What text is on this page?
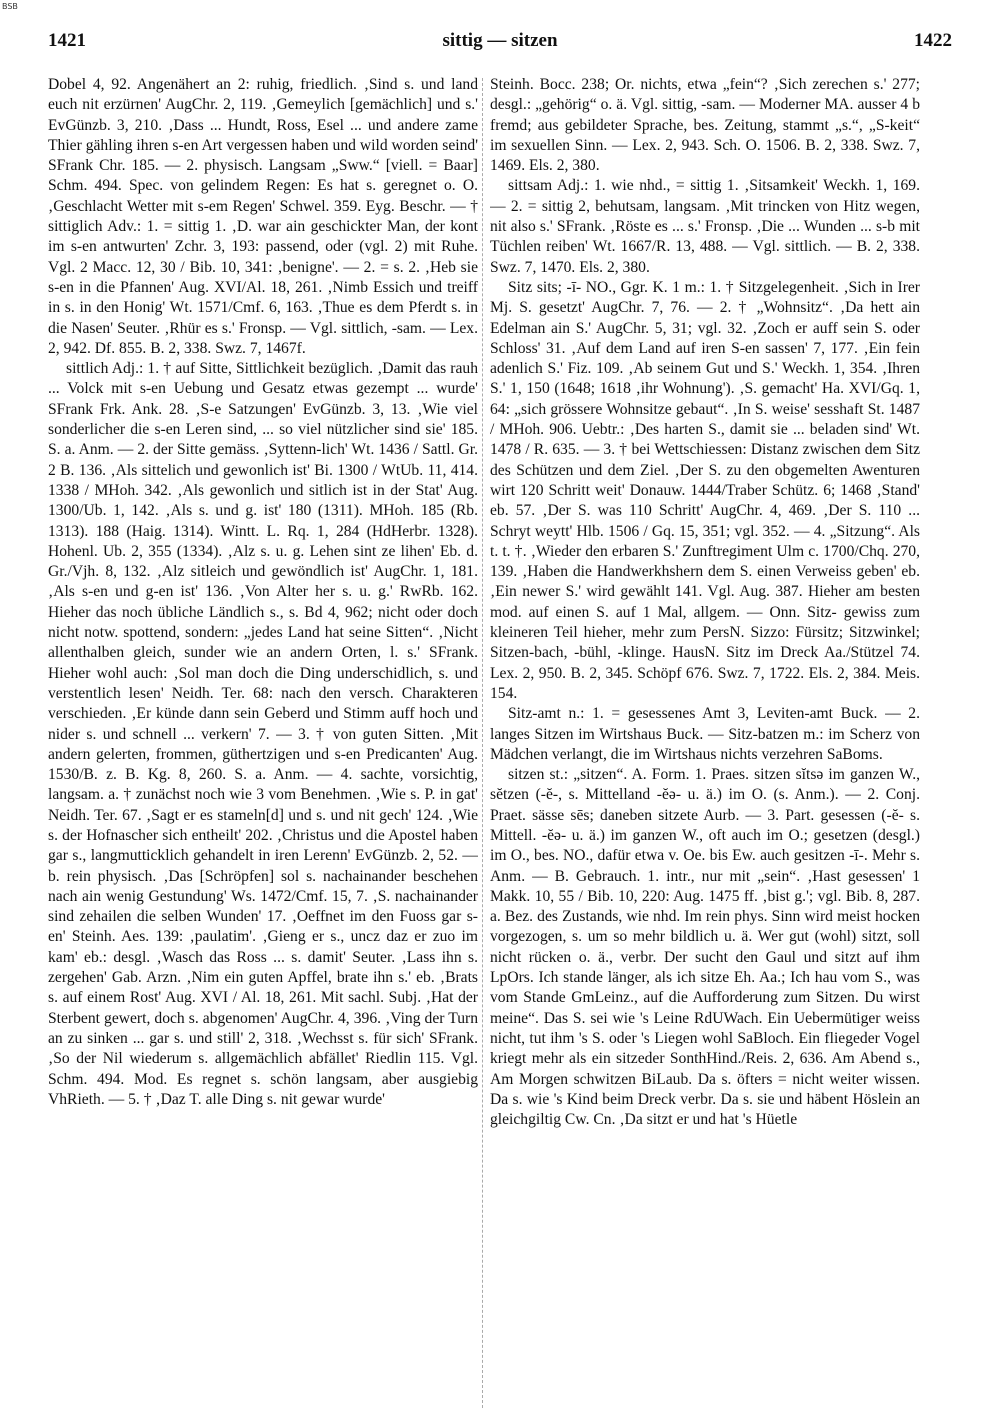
BSB
sittig — sitzen
1421	1422

Dobel 4, 92. Angenähert an 2: ruhig, friedlich. ‚Sind s. und land euch nit erzürnen' AugChr. 2, 119. ‚Gemeylich [gemächlich] und s.' EvGünzb. 3, 210. ‚Dass ... Hundt, Ross, Esel ... und andere zame Thier gähling ihren s-en Art vergessen haben und wild worden seind' SFrank Chr. 185. — 2. physisch. Langsam „Sww.“ [viell. = Baar] Schm. 494. Spec. von gelindem Regen: Es hat s. geregnet o. O. ‚Geschlacht Wetter mit s-em Regen' Schwel. 359. Eyg. Beschr. — † sittiglich Adv.: 1. = sittig 1. ‚D. war ain geschickter Man, der kont im s-en antwurten' Zchr. 3, 193: passend, oder (vgl. 2) mit Ruhe. Vgl. 2 Macc. 12, 30 / Bib. 10, 341: ‚benigne'. — 2. = s. 2. ‚Heb sie s-en in die Pfannen' Aug. XVI/Al. 18, 261. ‚Nimb Essich und treiff in s. in den Honig' Wt. 1571/Cmf. 6, 163. ‚Thue es dem Pferdt s. in die Nasen' Seuter. ‚Rhür es s.' Fronsp. — Vgl. sittlich, -sam. — Lex. 2, 942. Df. 855. B. 2, 338. Swz. 7, 1467f.

sittlich Adj.: 1. † auf Sitte, Sittlichkeit bezüglich. ‚Damit das rauh ... Volck mit s-en Uebung und Gesatz etwas gezempt ... wurde' SFrank Frk. Ank. 28. ‚S-e Satzungen' EvGünzb. 3, 13. ‚Wie viel sonderlicher die s-en Leren sind, ... so viel nützlicher sind sie' 185. S. a. Anm. — 2. der Sitte gemäss. ‚Syttenn-lich' Wt. 1436 / Sattl. Gr. 2 B. 136. ‚Als sittelich und gewonlich ist' Bi. 1300 / WtUb. 11, 414. 1338 / MHoh. 342. ‚Als gewonlich und sitlich ist in der Stat' Aug. 1300/Ub. 1, 142. ‚Als s. und g. ist' 180 (1311). MHoh. 185 (Rb. 1313). 188 (Haig. 1314). Wintt. L. Rq. 1, 284 (HdHerbr. 1328). Hohenl. Ub. 2, 355 (1334). ‚Alz s. u. g. Lehen sint ze lihen' Eb. d. Gr./Vjh. 8, 132. ‚Alz sitleich und gewöndlich ist' AugChr. 1, 181. ‚Als s-en und g-en ist' 136. ‚Von Alter her s. u. g.' RwRb. 162. Hieher das noch übliche Ländlich s., s. Bd 4, 962; nicht oder doch nicht notw. spottend, sondern: „jedes Land hat seine Sitten“. ‚Nicht allenthalben gleich, sunder wie an andern Orten, l. s.' SFrank. Hieher wohl auch: ‚Sol man doch die Ding underschidlich, s. und verstentlich lesen' Neidh. Ter. 68: nach den versch. Charakteren verschieden. ‚Er künde dann sein Geberd und Stimm auff hoch und nider s. und schnell ... verkern' 7. — 3. † von guten Sitten. ‚Mit andern gelerten, frommen, güthertzigen und s-en Predicanten' Aug. 1530/B. z. B. Kg. 8, 260. S. a. Anm. — 4. sachte, vorsichtig, langsam. a. † zunächst noch wie 3 vom Benehmen. ‚Wie s. P. in gat' Neidh. Ter. 67. ‚Sagt er es stameln[d] und s. und nit gech' 124. ‚Wie s. der Hofnascher sich entheilt' 202. ‚Christus und die Apostel haben gar s., langmutticklich gehandelt in iren Lerenn' EvGünzb. 2, 52. — b. rein physisch. ‚Das [Schröpfen] sol s. nachainander beschehen nach ain wenig Gestundung' Ws. 1472/Cmf. 15, 7. ‚S. nachainander sind zehailen die selben Wunden' 17. ‚Oeffnet im den Fuoss gar s-en' Steinh. Aes. 139: ‚paulatim'. ‚Gieng er s., uncz daz er zuo im kam' eb.: desgl. ‚Wasch das Ross ... s. damit' Seuter. ‚Lass ihn s. zergehen' Gab. Arzn. ‚Nim ein guten Apffel, brate ihn s.' eb. ‚Brats s. auf einem Rost' Aug. XVI / Al. 18, 261. Mit sachl. Subj. ‚Hat der Sterbent gewert, doch s. abgenomen' AugChr. 4, 396. ‚Ving der Turn an zu sinken ... gar s. und still' 2, 318. ‚Wechsst s. für sich' SFrank. ‚So der Nil wiederum s. allgemächlich abfället' Riedlin 115. Vgl. Schm. 494. Mod. Es regnet s. schön langsam, aber ausgiebig VhRieth. — 5. † ‚Daz T. alle Ding s. nit gewar wurde'

Steinh. Bocc. 238; Or. nichts, etwa „fein“? ‚Sich zerechen s.' 277; desgl.: „gehörig“ o. ä. Vgl. sittig, -sam. — Moderner MA. ausser 4 b fremd; aus gebildeter Sprache, bes. Zeitung, stammt „s.“, „S-keit“ im sexuellen Sinn. — Lex. 2, 943. Sch. O. 1506. B. 2, 338. Swz. 7, 1469. Els. 2, 380.

sittsam Adj.: 1. wie nhd., = sittig 1. ‚Sitsamkeit' Weckh. 1, 169. — 2. = sittig 2, behutsam, langsam. ‚Mit trincken von Hitz wegen, nit also s.' SFrank. ‚Röste es ... s.' Fronsp. ‚Die ... Wunden ... s-b mit Tüchlen reiben' Wt. 1667/R. 13, 488. — Vgl. sittlich. — B. 2, 338. Swz. 7, 1470. Els. 2, 380.

Sitz sits; -ī- NO., Ggr. K. 1 m.: 1. † Sitzgelegenheit. ‚Sich in Irer Mj. S. gesetzt' AugChr. 7, 76. — 2. † „Wohnsitz“. ‚Da hett ain Edelman ain S.' AugChr. 5, 31; vgl. 32. ‚Zoch er auff sein S. oder Schloss' 31. ‚Auf dem Land auf iren S-en sassen' 7, 177. ‚Ein fein adenlich S.' Fiz. 109. ‚Ab seinem Gut und S.' Weckh. 1, 354. ‚Ihren S.' 1, 150 (1648; 1618 ‚ihr Wohnung'). ‚S. gemacht' Ha. XVI/Gq. 1, 64: „sich grössere Wohnsitze gebaut“. ‚In S. weise' sesshaft St. 1487 / MHoh. 906. Uebtr.: ‚Des harten S., damit sie ... beladen sind' Wt. 1478 / R. 635. — 3. † bei Wettschiessen: Distanz zwischen dem Sitz des Schützen und dem Ziel. ‚Der S. zu den obgemelten Awenturen wirt 120 Schritt weit' Donauw. 1444/Traber Schütz. 6; 1468 ‚Stand' eb. 57. ‚Der S. was 110 Schritt' AugChr. 4, 469. ‚Der S. 110 ... Schryt weytt' Hlb. 1506 / Gq. 15, 351; vgl. 352. — 4. „Sitzung“. Als t. t. †. ‚Wieder den erbaren S.' Zunftregiment Ulm c. 1700/Chq. 270, 139. ‚Haben die Handwerkhshern dem S. einen Verweiss geben' eb. ‚Ein newer S.' wird gewählt 141. Vgl. Aug. 387. Hieher am besten mod. auf einen S. auf 1 Mal, allgem. — Onn. Sitz- gewiss zum kleineren Teil hieher, mehr zum PersN. Sizzo: Fürsitz; Sitzwinkel; Sitzen-bach, -bühl, -klinge. HausN. Sitz im Dreck Aa./Stützel 74. Lex. 2, 950. B. 2, 345. Schöpf 676. Swz. 7, 1722. Els. 2, 384. Meis. 154.

Sitz-amt n.: 1. = gesessenes Amt 3, Leviten-amt Buck. — 2. langes Sitzen im Wirtshaus Buck. — Sitz-batzen m.: im Scherz von Mädchen verlangt, die im Wirtshaus nichts verzehren SaBoms.

sitzen st.: „sitzen“. A. Form. 1. Praes. sitzen sĭtsə im ganzen W., sĕtzen (-ĕ-, s. Mittelland -ĕə- u. ä.) im O. (s. Anm.). — 2. Conj. Praet. sässe sēs; daneben sitzete Aurb. — 3. Part. gesessen (-ĕ- s. Mittell. -ĕə- u. ä.) im ganzen W., oft auch im O.; gesetzen (desgl.) im O., bes. NO., dafür etwa v. Oe. bis Ew. auch gesitzen -ī-. Mehr s. Anm. — B. Gebrauch. 1. intr., nur mit „sein“. ‚Hast gesessen' 1 Makk. 10, 55 / Bib. 10, 220: Aug. 1475 ff. ‚bist g.'; vgl. Bib. 8, 287. a. Bez. des Zustands, wie nhd. Im rein phys. Sinn wird meist hocken vorgezogen, s. um so mehr bildlich u. ä. Wer gut (wohl) sitzt, soll nicht rücken o. ä., verbr. Der sucht den Gaul und sitzt auf ihm LpOrs. Ich stande länger, als ich sitze Eh. Aa.; Ich hau vom S., was vom Stande GmLeinz., auf die Aufforderung zum Sitzen. Du wirst meine“. Das S. sei wie 's Leine RdUWach. Ein Uebermütiger weiss nicht, tut ihm 's S. oder 's Liegen wohl SaBloch. Ein fliegeder Vogel kriegt mehr als ein sitzeder SonthHind./Reis. 2, 636. Am Abend s., Am Morgen schwitzen BiLaub. Da s. öfters = nicht weiter wissen. Da s. wie 's Kind beim Dreck verbr. Da s. sie und häbent Höslein an gleichgiltig Cw. Cn. ‚Da sitzt er und hat 's Hüetle
